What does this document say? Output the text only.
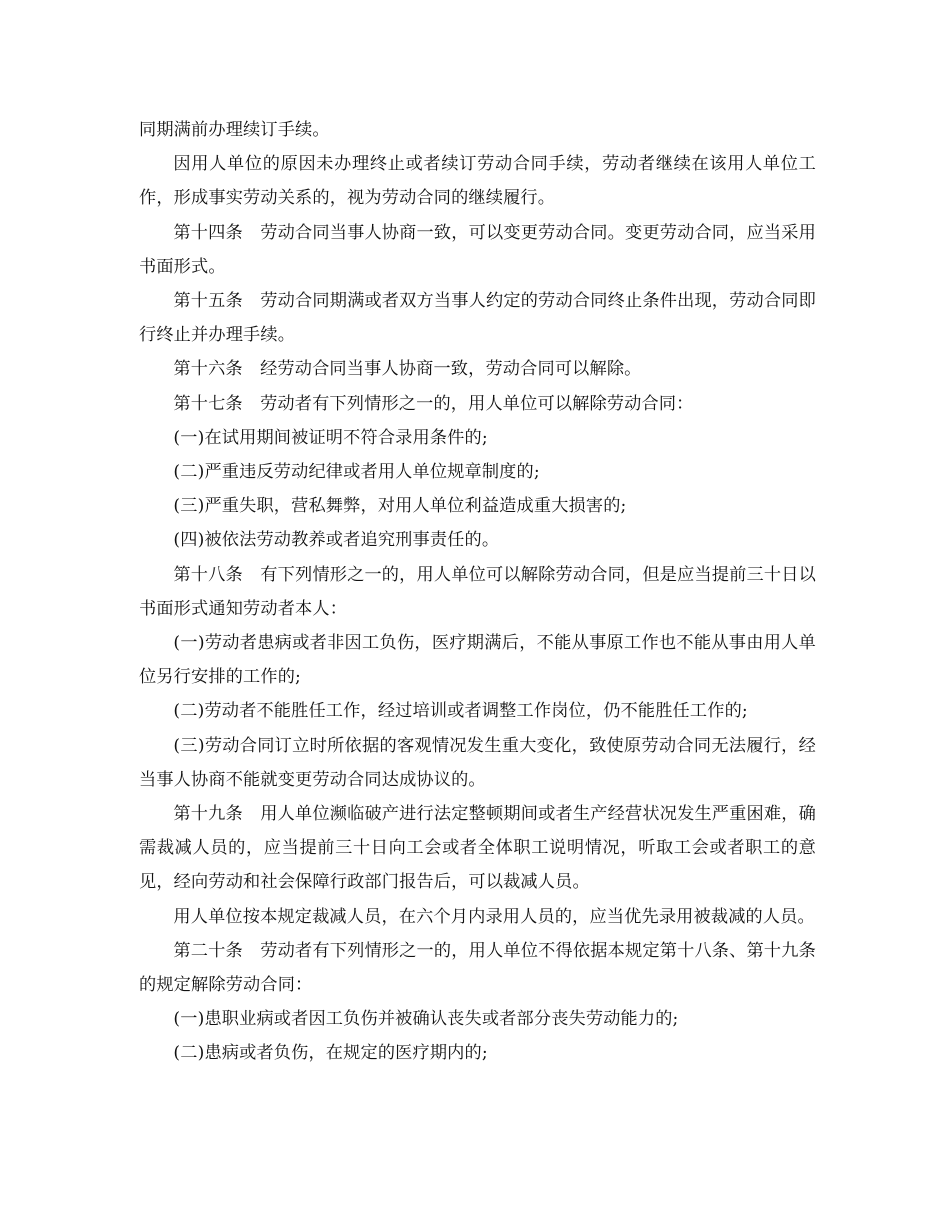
同期满前办理续订手续。

因用人单位的原因未办理终止或者续订劳动合同手续，劳动者继续在该用人单位工作，形成事实劳动关系的，视为劳动合同的继续履行。

第十四条　劳动合同当事人协商一致，可以变更劳动合同。变更劳动合同，应当采用书面形式。

第十五条　劳动合同期满或者双方当事人约定的劳动合同终止条件出现，劳动合同即行终止并办理手续。

第十六条　经劳动合同当事人协商一致，劳动合同可以解除。

第十七条　劳动者有下列情形之一的，用人单位可以解除劳动合同：

(一)在试用期间被证明不符合录用条件的;

(二)严重违反劳动纪律或者用人单位规章制度的;

(三)严重失职，营私舞弊，对用人单位利益造成重大损害的;

(四)被依法劳动教养或者追究刑事责任的。

第十八条　有下列情形之一的，用人单位可以解除劳动合同，但是应当提前三十日以书面形式通知劳动者本人：

(一)劳动者患病或者非因工负伤，医疗期满后，不能从事原工作也不能从事由用人单位另行安排的工作的;

(二)劳动者不能胜任工作，经过培训或者调整工作岗位，仍不能胜任工作的;

(三)劳动合同订立时所依据的客观情况发生重大变化，致使原劳动合同无法履行，经当事人协商不能就变更劳动合同达成协议的。

第十九条　用人单位濒临破产进行法定整顿期间或者生产经营状况发生严重困难，确需裁减人员的，应当提前三十日向工会或者全体职工说明情况，听取工会或者职工的意见，经向劳动和社会保障行政部门报告后，可以裁减人员。

用人单位按本规定裁减人员，在六个月内录用人员的，应当优先录用被裁减的人员。

第二十条　劳动者有下列情形之一的，用人单位不得依据本规定第十八条、第十九条的规定解除劳动合同：

(一)患职业病或者因工负伤并被确认丧失或者部分丧失劳动能力的;

(二)患病或者负伤，在规定的医疗期内的;
